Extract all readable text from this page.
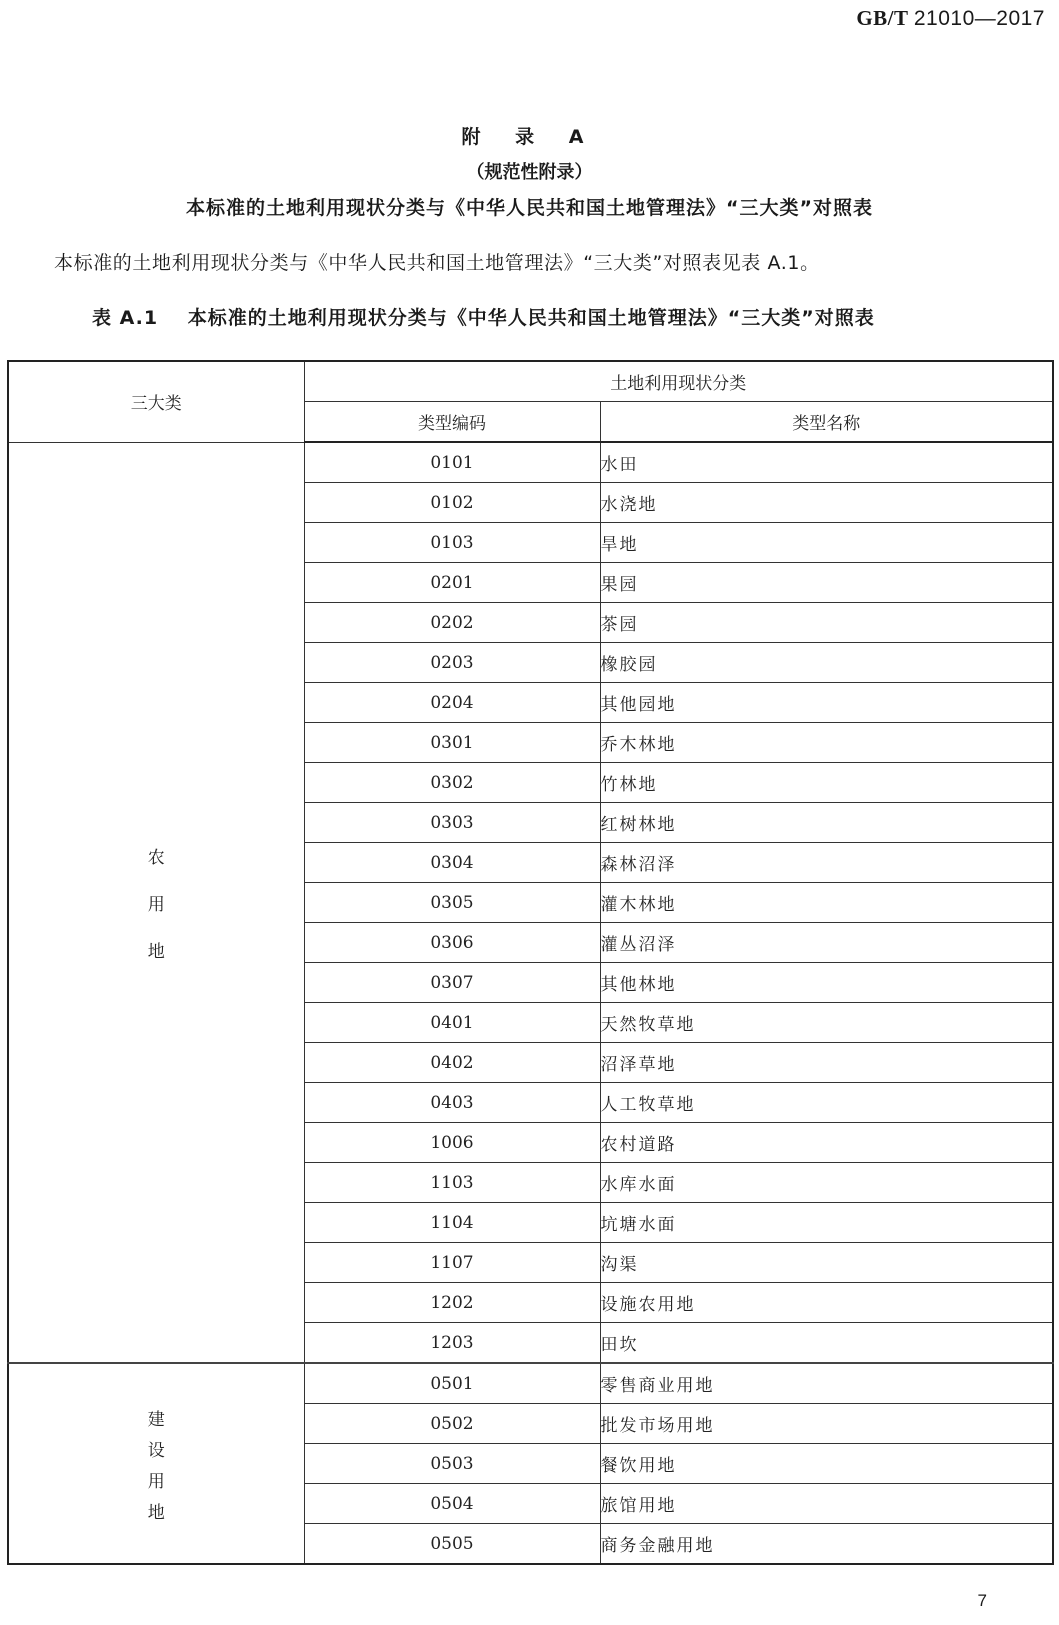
GB/T 21010—2017
附 录 A
（规范性附录）
本标准的土地利用现状分类与《中华人民共和国土地管理法》“三大类”对照表
本标准的土地利用现状分类与《中华人民共和国土地管理法》“三大类”对照表见表 A.1。
表 A.1 本标准的土地利用现状分类与《中华人民共和国土地管理法》“三大类”对照表
三大类	土地利用现状分类	
	类型编码	类型名称

农
用
地	0101	水田
	0102	水浇地
	0103	旱地
	0201	果园
	0202	茶园
	0203	橡胶园
	0204	其他园地
	0301	乔木林地
	0302	竹林地
	0303	红树林地
	0304	森林沼泽
	0305	灌木林地
	0306	灌丛沼泽
	0307	其他林地
	0401	天然牧草地
	0402	沼泽草地
	0403	人工牧草地
	1006	农村道路
	1103	水库水面
	1104	坑塘水面
	1107	沟渠
	1202	设施农用地
	1203	田坎

建
设
用
地	0501	零售商业用地
	0502	批发市场用地
	0503	餐饮用地
	0504	旅馆用地
	0505	商务金融用地
7
